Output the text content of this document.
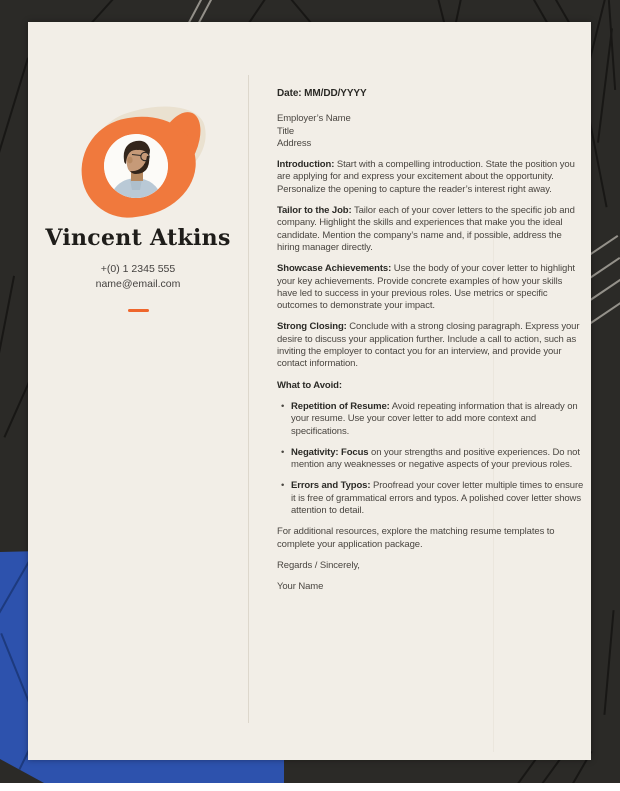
Vincent Atkins
+(0) 1 2345 555
name@email.com

Date: MM/DD/YYYY

Employer’s Name
Title
Address

Introduction: Start with a compelling introduction. State the position you are applying for and express your excitement about the opportunity. Personalize the opening to capture the reader’s interest right away.

Tailor to the Job: Tailor each of your cover letters to the specific job and company. Highlight the skills and experiences that make you the ideal candidate. Mention the company’s name and, if possible, address the hiring manager directly.

Showcase Achievements: Use the body of your cover letter to highlight your key achievements. Provide concrete examples of how your skills have led to success in your previous roles. Use metrics or specific outcomes to demonstrate your impact.

Strong Closing: Conclude with a strong closing paragraph. Express your desire to discuss your application further. Include a call to action, such as inviting the employer to contact you for an interview, and provide your contact information.

What to Avoid:

• Repetition of Resume: Avoid repeating information that is already on your resume. Use your cover letter to add more context and specifications.
• Negativity: Focus on your strengths and positive experiences. Do not mention any weaknesses or negative aspects of your previous roles.
• Errors and Typos: Proofread your cover letter multiple times to ensure it is free of grammatical errors and typos. A polished cover letter shows attention to detail.

For additional resources, explore the matching resume templates to complete your application package.

Regards / Sincerely,

Your Name
